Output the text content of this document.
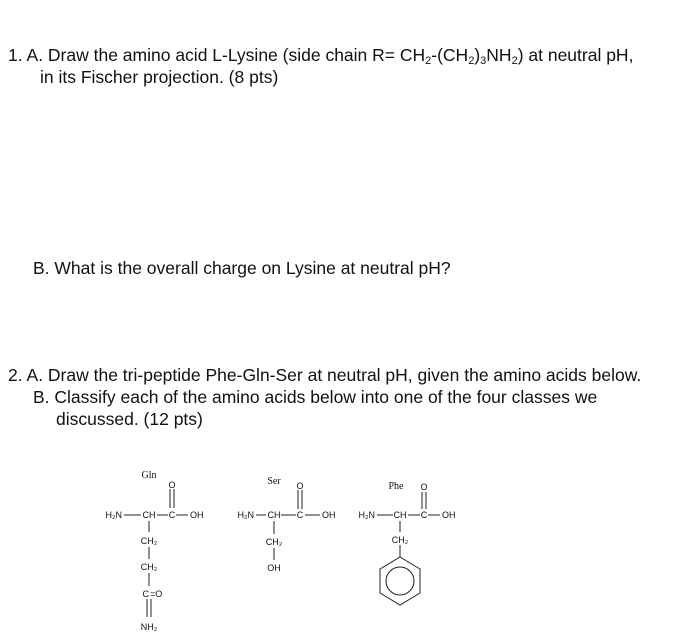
1. A. Draw the amino acid L-Lysine (side chain $R= CH_2-(CH_2)_3NH_2$) at neutral pH,
in its Fischer projection. (8 pts)
B. What is the overall charge on Lysine at neutral pH?
2. A. Draw the tri-peptide Phe-Gln-Ser at neutral pH, given the amino acids below.
B. Classify each of the amino acids below into one of the four classes we
discussed. (12 pts)
Gln
O
H₂N CH C OH
CH₂
CH₂
C =O
NH₂
Ser O
H₂N CH C OH
CH₂
OH
Phe O
H₂N CH C OH
CH₂
